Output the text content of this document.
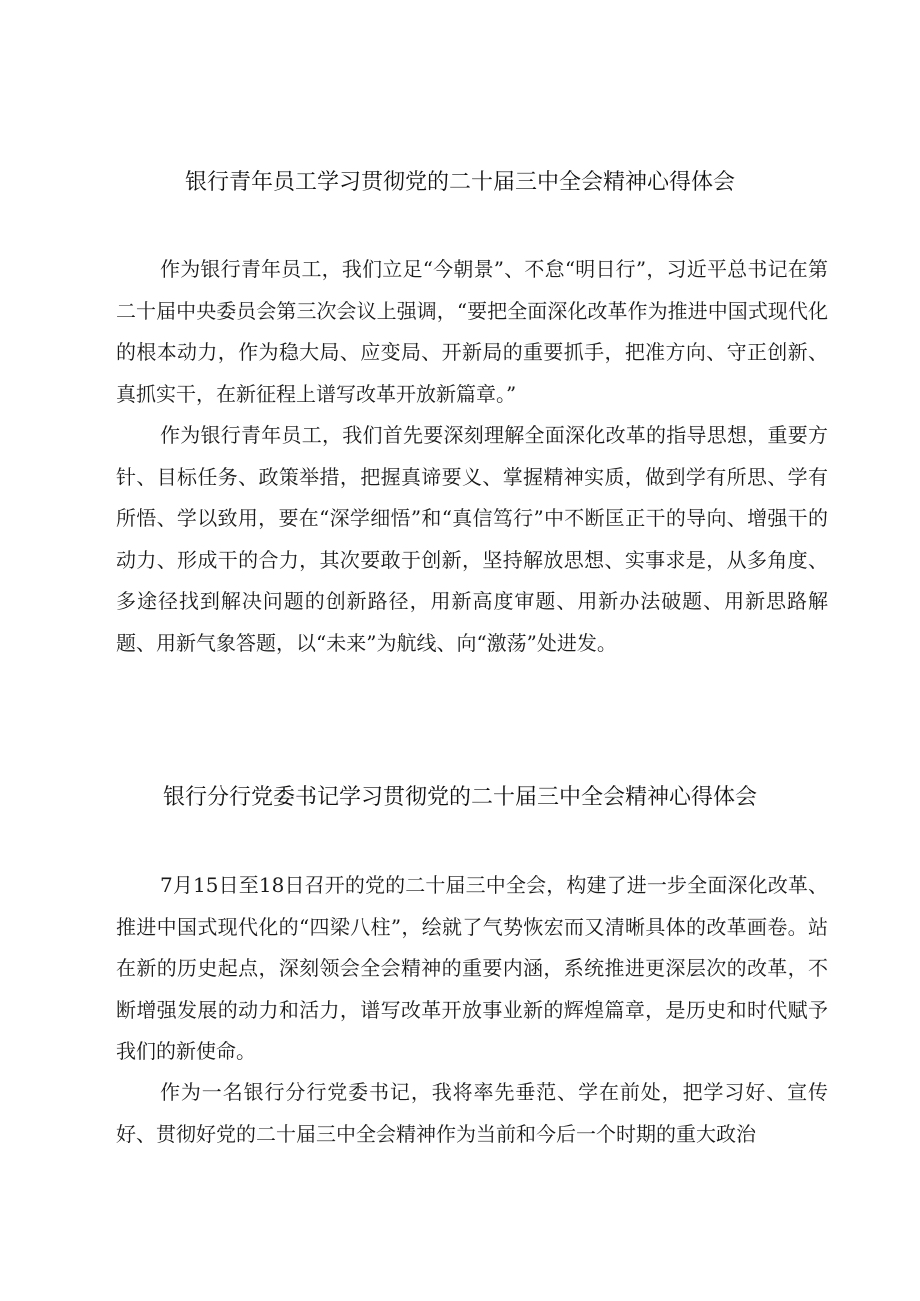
银行青年员工学习贯彻党的二十届三中全会精神心得体会

作为银行青年员工，我们立足“今朝景”、不怠“明日行”，习近平总书记在第二十届中央委员会第三次会议上强调，“要把全面深化改革作为推进中国式现代化的根本动力，作为稳大局、应变局、开新局的重要抓手，把准方向、守正创新、真抓实干，在新征程上谱写改革开放新篇章。”

作为银行青年员工，我们首先要深刻理解全面深化改革的指导思想，重要方针、目标任务、政策举措，把握真谛要义、掌握精神实质，做到学有所思、学有所悟、学以致用，要在“深学细悟”和“真信笃行”中不断匡正干的导向、增强干的动力、形成干的合力，其次要敢于创新，坚持解放思想、实事求是，从多角度、多途径找到解决问题的创新路径，用新高度审题、用新办法破题、用新思路解题、用新气象答题，以“未来”为航线、向“激荡”处进发。

银行分行党委书记学习贯彻党的二十届三中全会精神心得体会

7月15日至18日召开的党的二十届三中全会，构建了进一步全面深化改革、推进中国式现代化的“四梁八柱”，绘就了气势恢宏而又清晰具体的改革画卷。站在新的历史起点，深刻领会全会精神的重要内涵，系统推进更深层次的改革，不断增强发展的动力和活力，谱写改革开放事业新的辉煌篇章，是历史和时代赋予我们的新使命。

作为一名银行分行党委书记，我将率先垂范、学在前处，把学习好、宣传好、贯彻好党的二十届三中全会精神作为当前和今后一个时期的重大政治
